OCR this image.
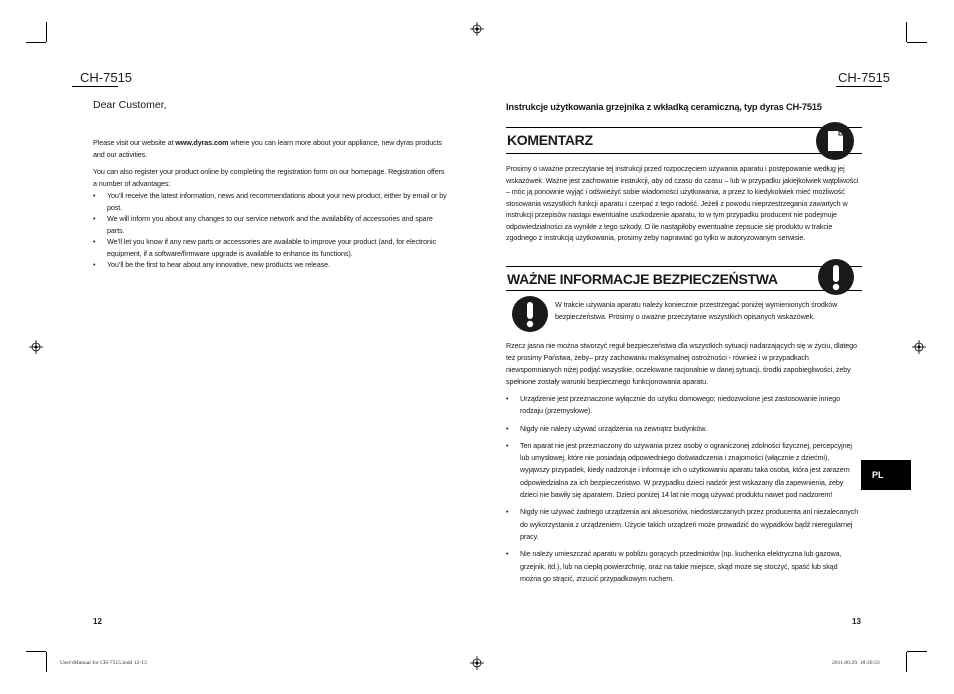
CH-7515
Dear Customer,
Please visit our website at www.dyras.com where you can learn more about your appliance, new dyras products and our activities.
You can also register your product online by completing the registration form on our homepage. Registration offers a number of advantages:
• You’ll receive the latest information, news and recommendations about your new product, either by email or by post.
• We will inform you about any changes to our service network and the availability of accessories and spare parts.
• We’ll let you know if any new parts or accessories are available to improve your product (and, for electronic equipment, if a software/firmware upgrade is available to enhance its functions).
• You’ll be the first to hear about any innovative, new products we release.
12
CH-7515
Instrukcje użytkowania grzejnika z wkładką ceramiczną, typ dyras CH-7515
KOMENTARZ
Prosimy o uważne przeczytanie tej instrukcji przed rozpoczęciem używania aparatu i postępowanie według jej wskazówek. Ważne jest zachowanie instrukcji, aby od czasu do czasu – lub w przypadku jakiejkolwiek wątpliwości – móc ją ponownie wyjąć i odświeżyć sobie wiadomości użytkowania, a przez to kiedykolwiek mieć możliwość stosowania wszystkich funkcji aparatu i czerpać z tego radość. Jeżeli z powodu nieprzestrzegania zawartych w instrukcji przepisów nastąpi ewentualne uszkodzenie aparatu, to w tym przypadku producent nie podejmuje odpowiedzialności za wynikłe z tego szkody. O ile nastąpiłoby ewentualne zepsucie się produktu w trakcie zgodnego z instrukcją użytkowania, prosimy żeby naprawiać go tylko w autoryzowanym serwisie.
WAŻNE INFORMACJE BEZPIECZEŃSTWA
W trakcie używania aparatu należy koniecznie przestrzegać poniżej wymienionych środków bezpieczeństwa. Prosimy o uważne przeczytanie wszystkich opisanych wskazówek.
Rzecz jasna nie można stworzyć reguł bezpieczeństwa dla wszystkich sytuacji nadarzających się w życiu, dlatego też prosimy Państwa, żeby– przy zachowaniu maksymalnej ostrożności - również i w przypadkach niewspomnianych niżej podjąć wszystkie, oczekiwane racjonalnie w danej sytuacji, środki zapobiegliwości, żeby spełnione zostały warunki bezpiecznego funkcjonowania aparatu.
• Urządzenie jest przeznaczone wyłącznie do użytku domowego; niedozwolone jest zastosowanie innego rodzaju (przemysłowe).
• Nigdy nie należy używać urządzenia na zewnątrz budynków.
• Ten aparat nie jest przeznaczony do używania przez osoby o ograniczonej zdolności fizycznej, percepcyjnej lub umysłowej, które nie posiadają odpowiedniego doświadczenia i znajomości (włącznie z dziećmi), wyjąwszy przypadek, kiedy nadzoruje i informuje ich o użytkowaniu aparatu taka osoba, która jest zarazem odpowiedzialna za ich bezpieczeństwo. W przypadku dzieci nadzór jest wskazany dla zapewnienia, żeby dzieci nie bawiły się aparatem. Dzieci poniżej 14 lat nie mogą używać produktu nawet pod nadzorem!
• Nigdy nie używać żadnego urządzenia ani akcesoriów, niedostarczanych przez producenta ani niezalecanych do wykorzystania z urządzeniem. Użycie takich urządzeń może prowadzić do wypadków bądź nieregularnej pracy.
• Nie należy umieszczać aparatu w pobliżu gorących przedmiotów (np. kuchenka elektryczna lub gazowa, grzejnik, itd.), lub na ciepłą powierzchnię, oraz na takie miejsce, skąd może się stoczyć, spaść lub skąd można go strącić, zrzucić przypadkowym ruchem.
PL
13
User'sManual for CH-7515.indd 12-13	2011.06.29. 18:30:33
